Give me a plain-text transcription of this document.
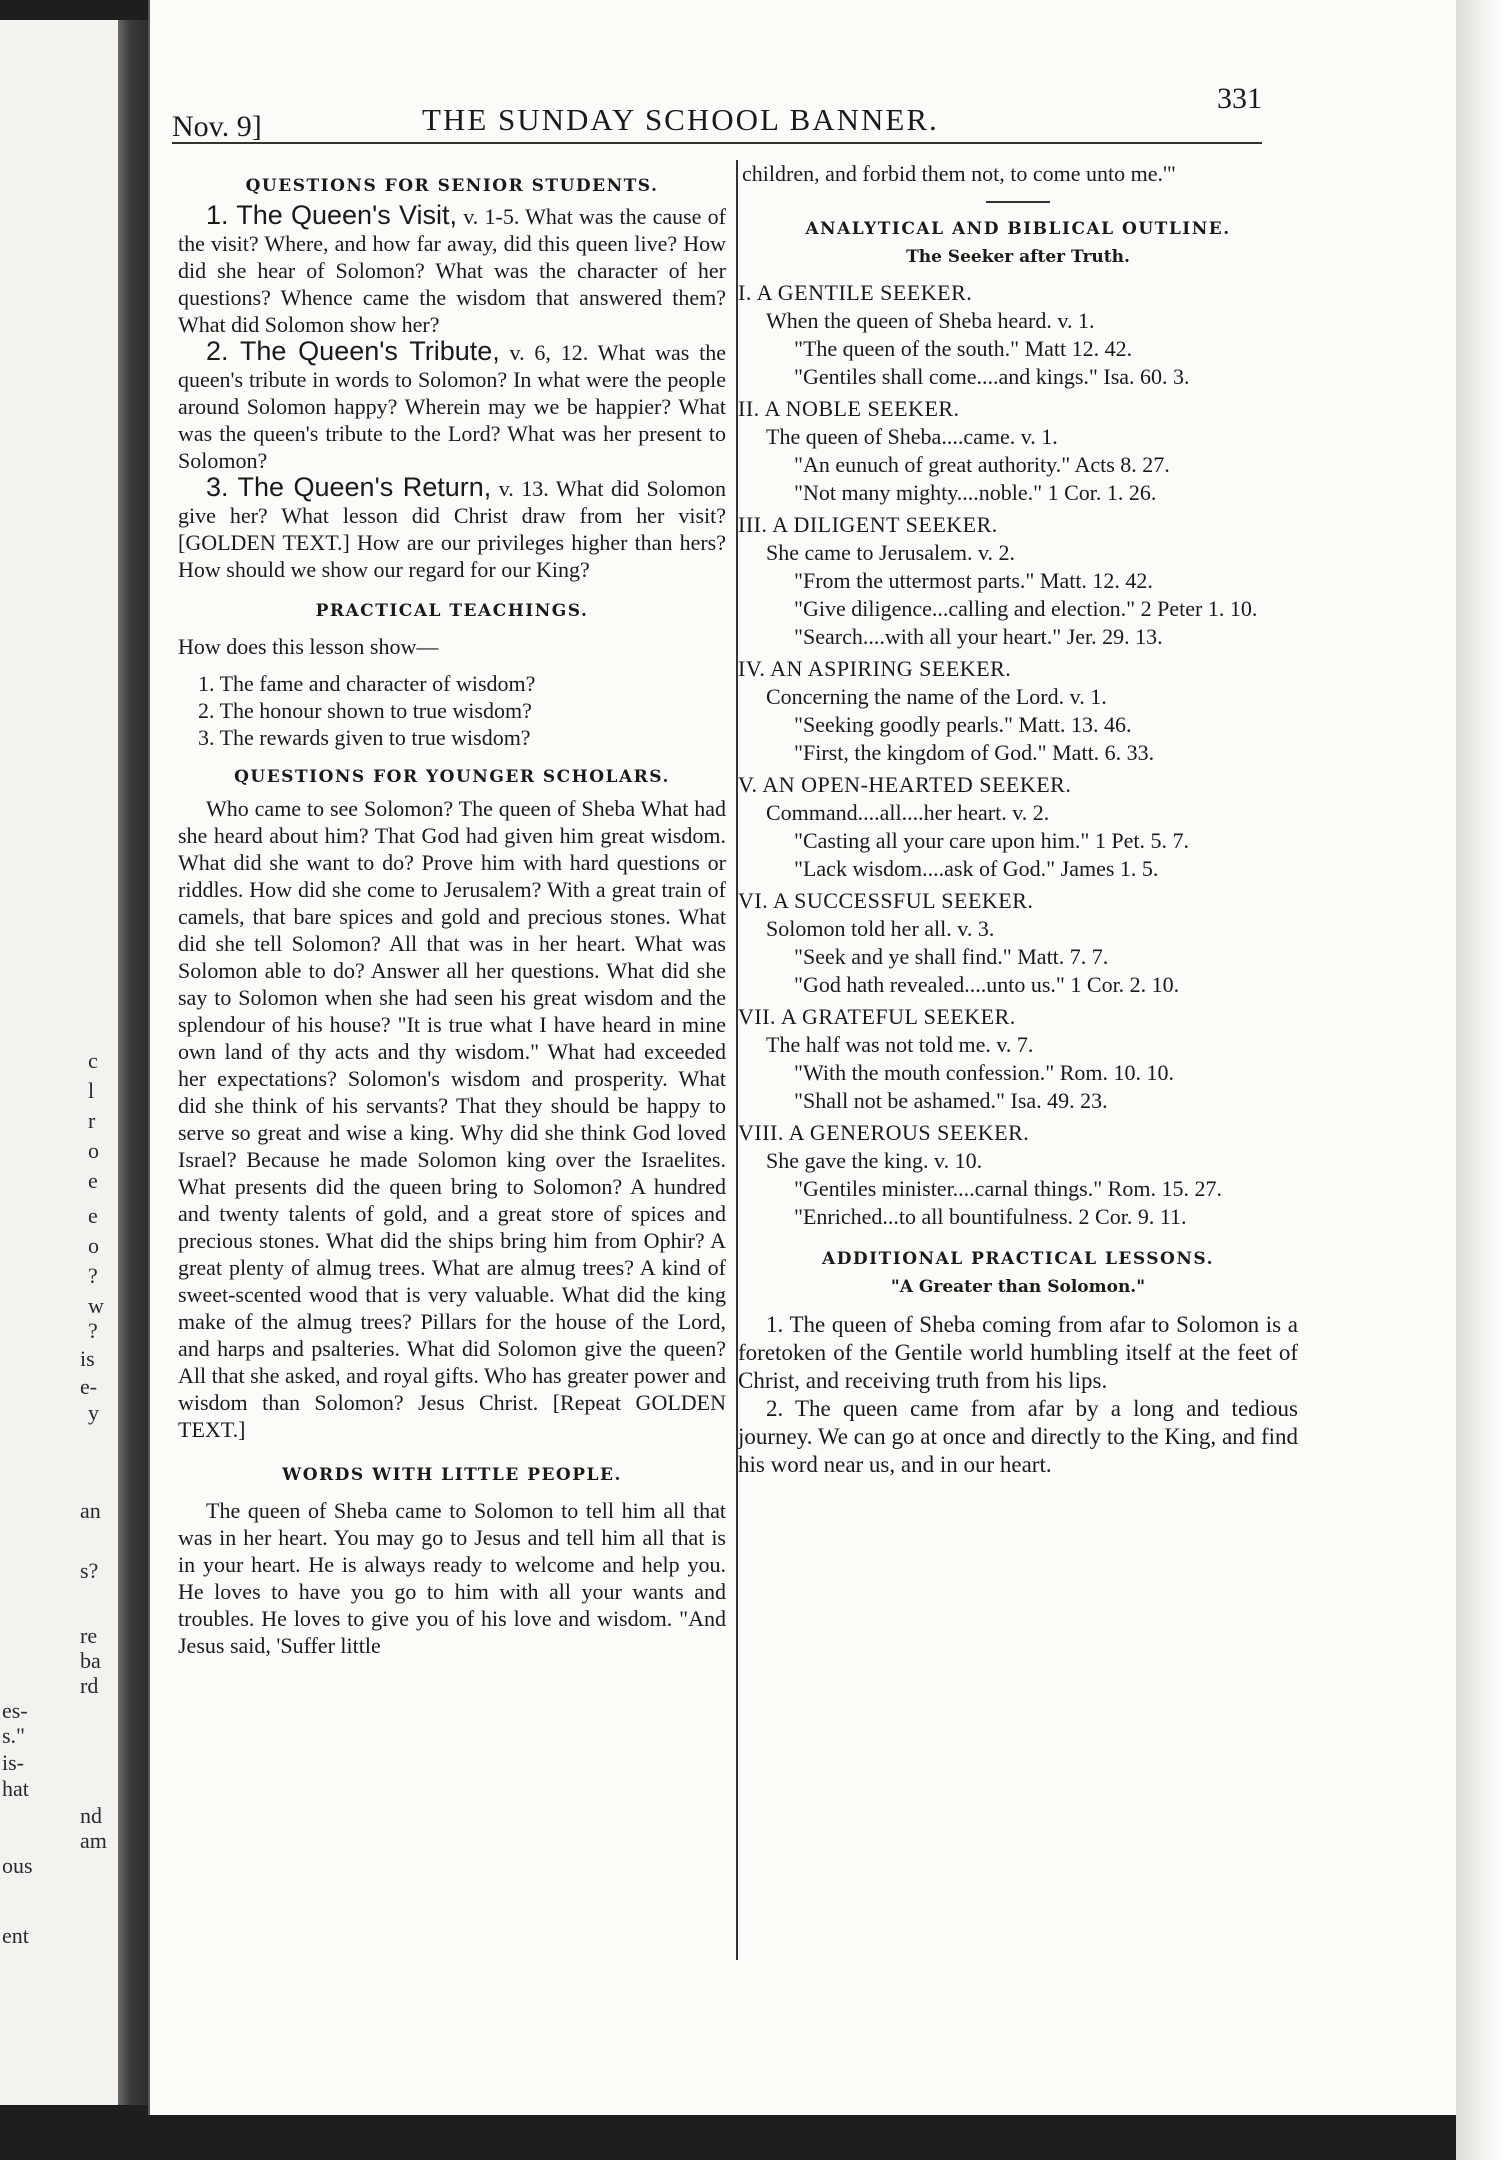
c
l
r
o
e
e
o
?
w
?
is
e-
y
an
s?
re
ba
rd
es-
s."
is-
hat
nd
am
ous
ent
Nov. 9]	THE SUNDAY SCHOOL BANNER.
331

QUESTIONS FOR SENIOR STUDENTS.

1. The Queen's Visit, v. 1-5. What was the cause of the visit? Where, and how far away, did this queen live? How did she hear of Solomon? What was the character of her questions? Whence came the wisdom that answered them? What did Solomon show her?

2. The Queen's Tribute, v. 6, 12. What was the queen's tribute in words to Solomon? In what were the people around Solomon happy? Wherein may we be happier? What was the queen's tribute to the Lord? What was her present to Solomon?

3. The Queen's Return, v. 13. What did Solomon give her? What lesson did Christ draw from her visit? [GOLDEN TEXT.] How are our privileges higher than hers? How should we show our regard for our King?

PRACTICAL TEACHINGS.

How does this lesson show—

1. The fame and character of wisdom?
2. The honour shown to true wisdom?
3. The rewards given to true wisdom?

QUESTIONS FOR YOUNGER SCHOLARS.

Who came to see Solomon? The queen of Sheba What had she heard about him? That God had given him great wisdom. What did she want to do? Prove him with hard questions or riddles. How did she come to Jerusalem? With a great train of camels, that bare spices and gold and precious stones. What did she tell Solomon? All that was in her heart. What was Solomon able to do? Answer all her questions. What did she say to Solomon when she had seen his great wisdom and the splendour of his house? "It is true what I have heard in mine own land of thy acts and thy wisdom." What had exceeded her expectations? Solomon's wisdom and prosperity. What did she think of his servants? That they should be happy to serve so great and wise a king. Why did she think God loved Israel? Because he made Solomon king over the Israelites. What presents did the queen bring to Solomon? A hundred and twenty talents of gold, and a great store of spices and precious stones. What did the ships bring him from Ophir? A great plenty of almug trees. What are almug trees? A kind of sweet-scented wood that is very valuable. What did the king make of the almug trees? Pillars for the house of the Lord, and harps and psalteries. What did Solomon give the queen? All that she asked, and royal gifts. Who has greater power and wisdom than Solomon? Jesus Christ. [Repeat GOLDEN TEXT.]

WORDS WITH LITTLE PEOPLE.

The queen of Sheba came to Solomon to tell him all that was in her heart. You may go to Jesus and tell him all that is in your heart. He is always ready to welcome and help you. He loves to have you go to him with all your wants and troubles. He loves to give you of his love and wisdom. "And Jesus said, 'Suffer little

children, and forbid them not, to come unto me.'"

ANALYTICAL AND BIBLICAL OUTLINE.

The Seeker after Truth.

I. A GENTILE SEEKER.
When the queen of Sheba heard. v. 1.
"The queen of the south." Matt 12. 42.
"Gentiles shall come....and kings." Isa. 60. 3.
II. A NOBLE SEEKER.
The queen of Sheba....came. v. 1.
"An eunuch of great authority." Acts 8. 27.
"Not many mighty....noble." 1 Cor. 1. 26.
III. A DILIGENT SEEKER.
She came to Jerusalem. v. 2.
"From the uttermost parts." Matt. 12. 42.
"Give diligence...calling and election." 2 Peter 1. 10.
"Search....with all your heart." Jer. 29. 13.
IV. AN ASPIRING SEEKER.
Concerning the name of the Lord. v. 1.
"Seeking goodly pearls." Matt. 13. 46.
"First, the kingdom of God." Matt. 6. 33.
V. AN OPEN-HEARTED SEEKER.
Command....all....her heart. v. 2.
"Casting all your care upon him." 1 Pet. 5. 7.
"Lack wisdom....ask of God." James 1. 5.
VI. A SUCCESSFUL SEEKER.
Solomon told her all. v. 3.
"Seek and ye shall find." Matt. 7. 7.
"God hath revealed....unto us." 1 Cor. 2. 10.
VII. A GRATEFUL SEEKER.
The half was not told me. v. 7.
"With the mouth confession." Rom. 10. 10.
"Shall not be ashamed." Isa. 49. 23.
VIII. A GENEROUS SEEKER.
She gave the king. v. 10.
"Gentiles minister....carnal things." Rom. 15. 27.
"Enriched...to all bountifulness. 2 Cor. 9. 11.

ADDITIONAL PRACTICAL LESSONS.

"A Greater than Solomon."

1. The queen of Sheba coming from afar to Solomon is a foretoken of the Gentile world humbling itself at the feet of Christ, and receiving truth from his lips.

2. The queen came from afar by a long and tedious journey. We can go at once and directly to the King, and find his word near us, and in our heart.
